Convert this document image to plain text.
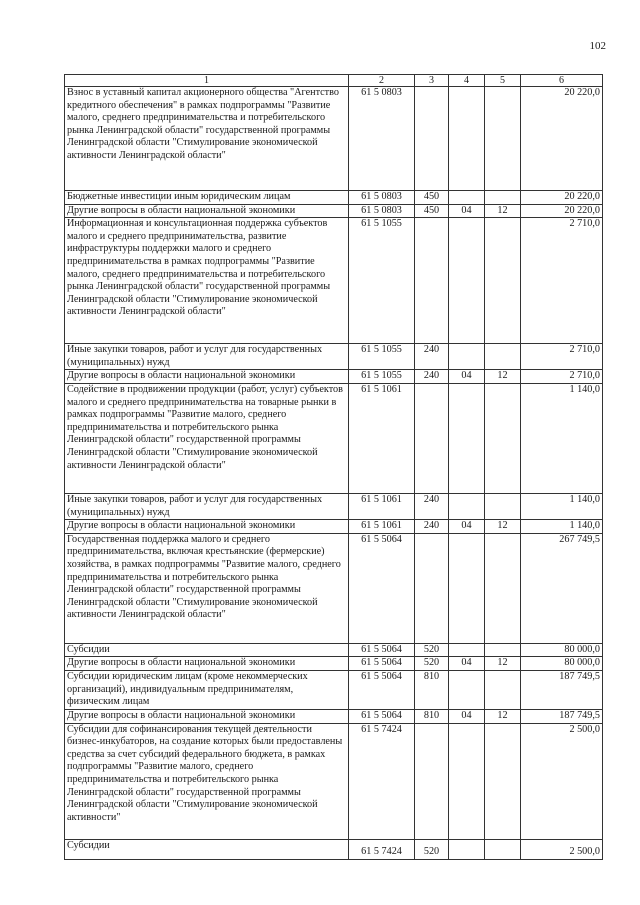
102
1	2	3	4	5	6
Взнос в уставный капитал акционерного общества "Агентство кредитного обеспечения" в рамках подпрограммы "Развитие малого, среднего предпринимательства и потребительского рынка Ленинградской области" государственной программы Ленинградской области "Стимулирование экономической активности Ленинградской области"	61 5 0803				20 220,0
Бюджетные инвестиции иным юридическим лицам	61 5 0803	450			20 220,0
Другие вопросы в области национальной экономики	61 5 0803	450	04	12	20 220,0
Информационная и консультационная поддержка субъектов малого и среднего предпринимательства, развитие инфраструктуры поддержки малого и среднего предпринимательства в рамках подпрограммы "Развитие малого, среднего предпринимательства и потребительского рынка Ленинградской области" государственной программы Ленинградской области "Стимулирование экономической активности Ленинградской области"	61 5 1055				2 710,0
Иные закупки товаров, работ и услуг для государственных (муниципальных) нужд	61 5 1055	240			2 710,0
Другие вопросы в области национальной экономики	61 5 1055	240	04	12	2 710,0
Содействие в продвижении продукции (работ, услуг) субъектов малого и среднего предпринимательства на товарные рынки в рамках подпрограммы "Развитие малого, среднего предпринимательства и потребительского рынка Ленинградской области" государственной программы Ленинградской области "Стимулирование экономической активности Ленинградской области"	61 5 1061				1 140,0
Иные закупки товаров, работ и услуг для государственных (муниципальных) нужд	61 5 1061	240			1 140,0
Другие вопросы в области национальной экономики	61 5 1061	240	04	12	1 140,0
Государственная поддержка малого и среднего предпринимательства, включая крестьянские (фермерские) хозяйства, в рамках подпрограммы "Развитие малого, среднего предпринимательства и потребительского рынка Ленинградской области" государственной программы Ленинградской области "Стимулирование экономической активности Ленинградской области"	61 5 5064				267 749,5
Субсидии	61 5 5064	520			80 000,0
Другие вопросы в области национальной экономики	61 5 5064	520	04	12	80 000,0
Субсидии юридическим лицам (кроме некоммерческих организаций), индивидуальным предпринимателям, физическим лицам	61 5 5064	810			187 749,5
Другие вопросы в области национальной экономики	61 5 5064	810	04	12	187 749,5
Субсидии для софинансирования текущей деятельности бизнес-инкубаторов, на создание которых были предоставлены средства за счет субсидий федерального бюджета, в рамках подпрограммы "Развитие малого, среднего предпринимательства и потребительского рынка Ленинградской области" государственной программы Ленинградской области "Стимулирование экономической активности"	61 5 7424				2 500,0
Субсидии	61 5 7424	520			2 500,0
